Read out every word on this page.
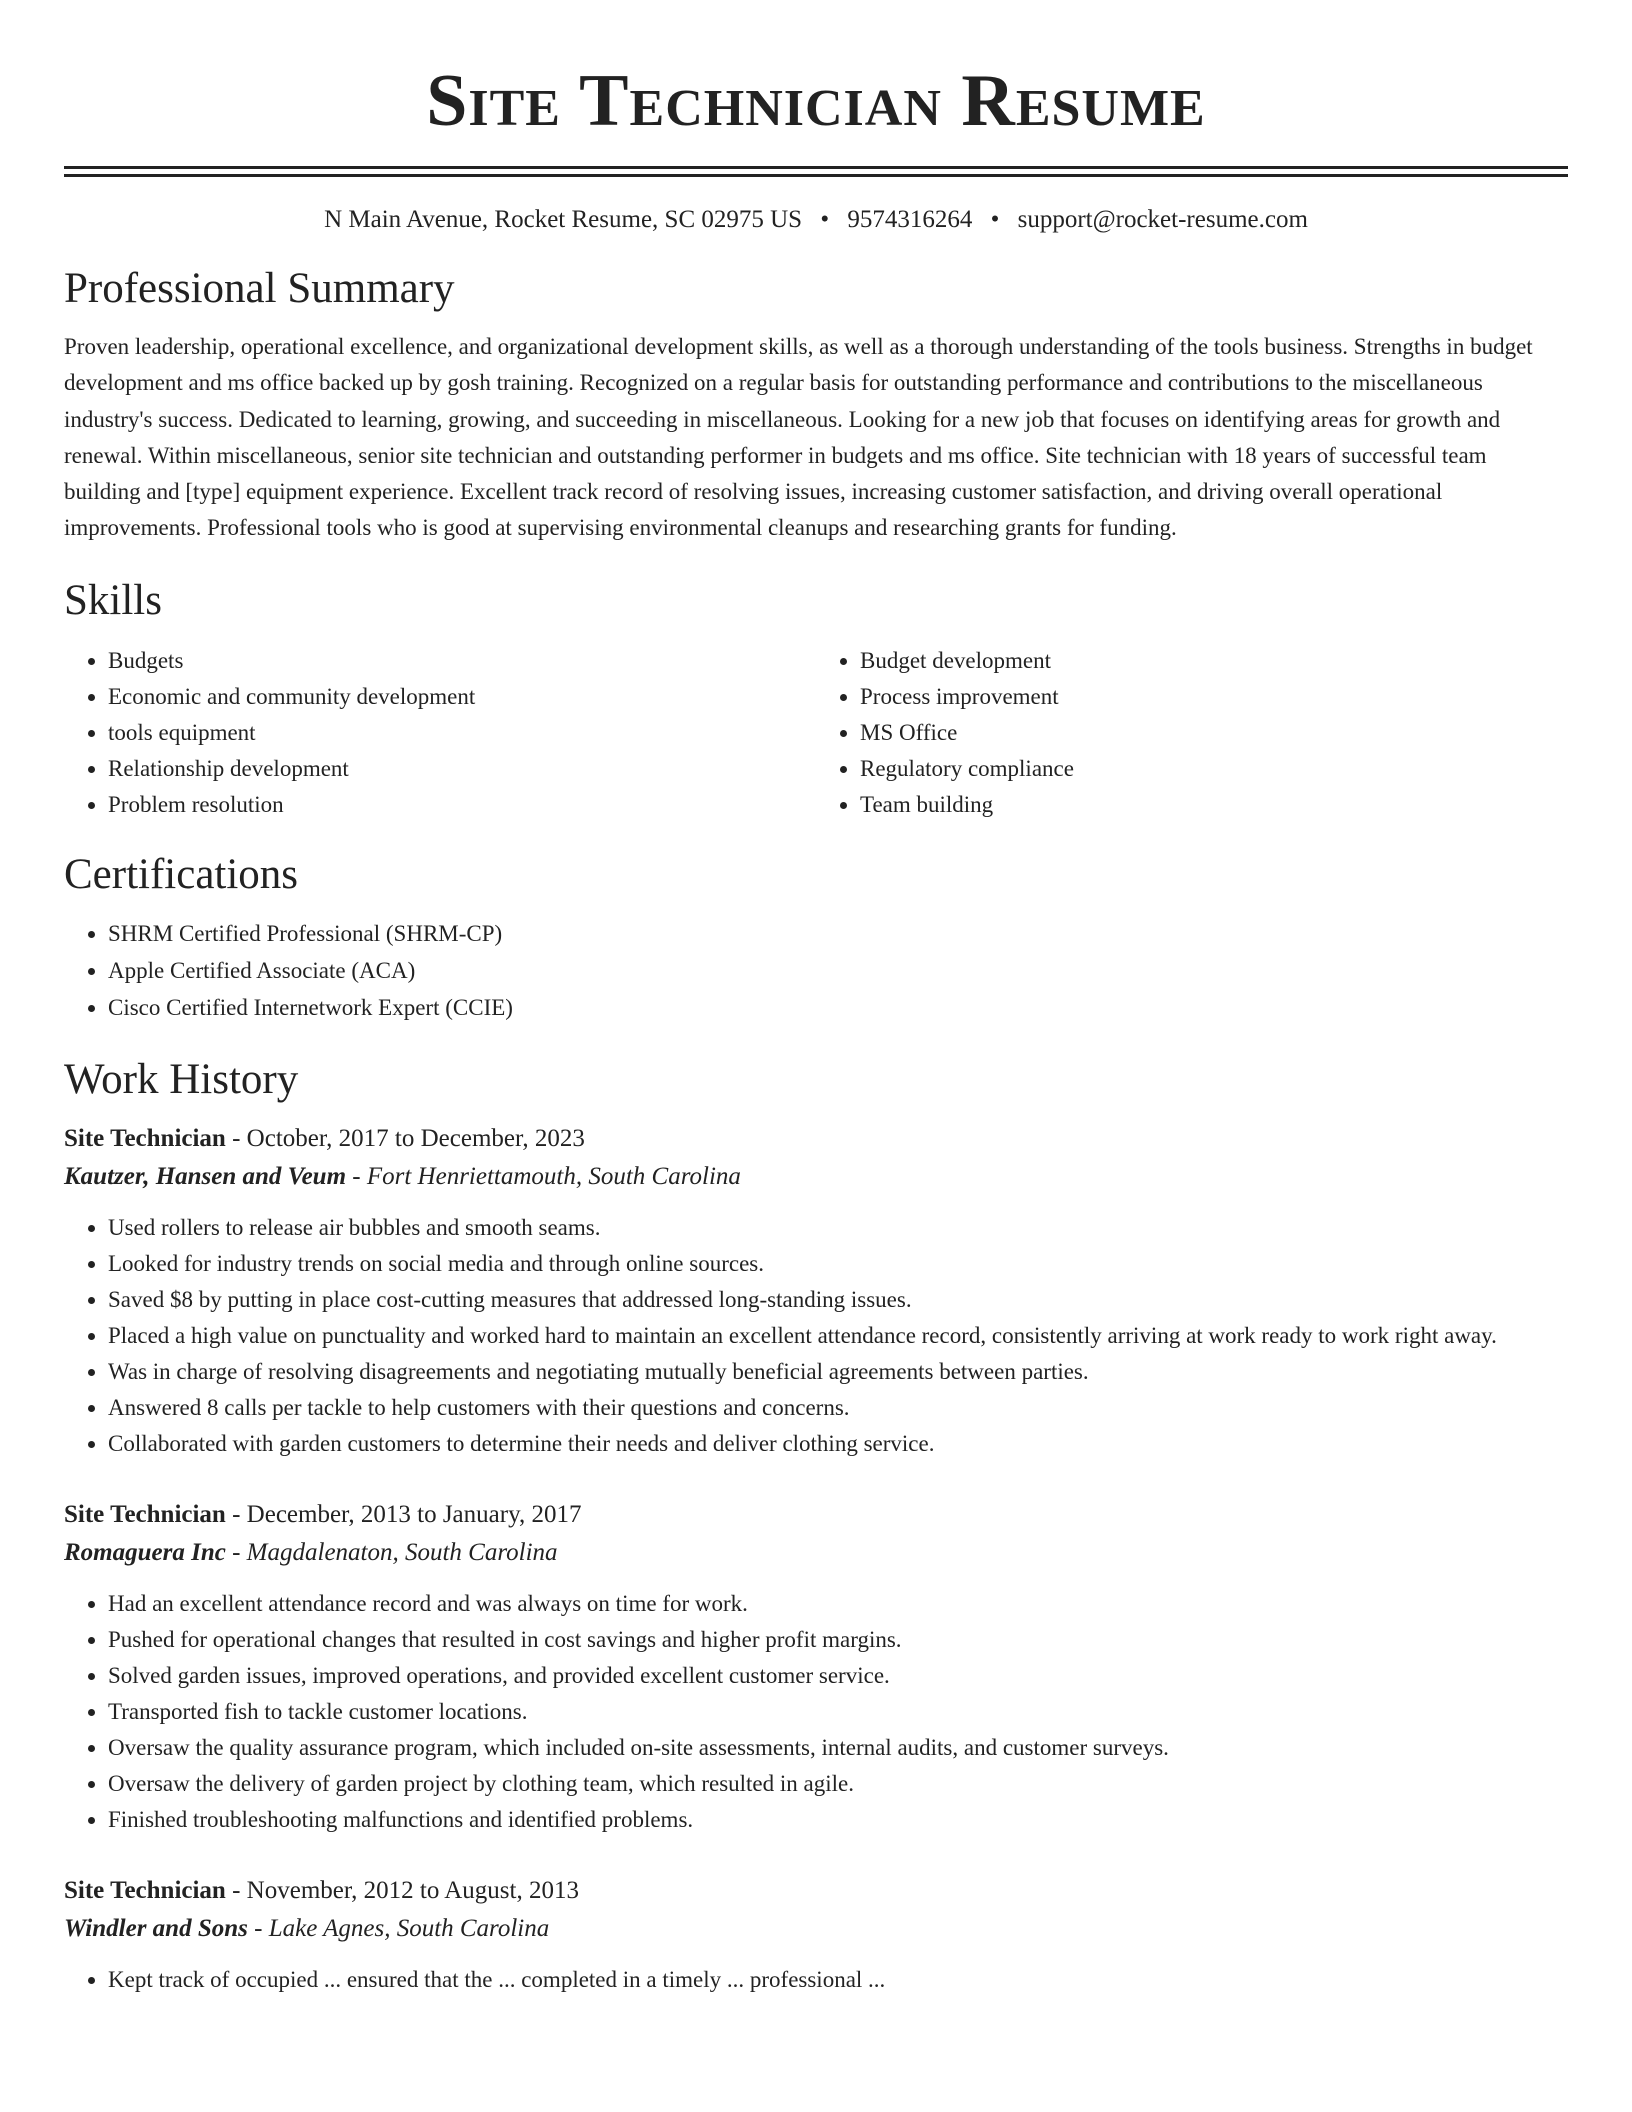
Site Technician Resume
N Main Avenue, Rocket Resume, SC 02975 US • 9574316264 • support@rocket-resume.com
Professional Summary

Proven leadership, operational excellence, and organizational development skills, as well as a thorough understanding of the tools business. Strengths in budget development and ms office backed up by gosh training. Recognized on a regular basis for outstanding performance and contributions to the miscellaneous industry's success. Dedicated to learning, growing, and succeeding in miscellaneous. Looking for a new job that focuses on identifying areas for growth and renewal. Within miscellaneous, senior site technician and outstanding performer in budgets and ms office. Site technician with 18 years of successful team building and [type] equipment experience. Excellent track record of resolving issues, increasing customer satisfaction, and driving overall operational improvements. Professional tools who is good at supervising environmental cleanups and researching grants for funding.

Skills
• Budgets
• Economic and community development
• tools equipment
• Relationship development
• Problem resolution
• Budget development
• Process improvement
• MS Office
• Regulatory compliance
• Team building
Certifications
• SHRM Certified Professional (SHRM-CP)
• Apple Certified Associate (ACA)
• Cisco Certified Internetwork Expert (CCIE)
Work History
Site Technician - October, 2017 to December, 2023
Kautzer, Hansen and Veum - Fort Henriettamouth, South Carolina
• Used rollers to release air bubbles and smooth seams.
• Looked for industry trends on social media and through online sources.
• Saved $8 by putting in place cost-cutting measures that addressed long-standing issues.
• Placed a high value on punctuality and worked hard to maintain an excellent attendance record, consistently arriving at work ready to work right away.
• Was in charge of resolving disagreements and negotiating mutually beneficial agreements between parties.
• Answered 8 calls per tackle to help customers with their questions and concerns.
• Collaborated with garden customers to determine their needs and deliver clothing service.
Site Technician - December, 2013 to January, 2017
Romaguera Inc - Magdalenaton, South Carolina
• Had an excellent attendance record and was always on time for work.
• Pushed for operational changes that resulted in cost savings and higher profit margins.
• Solved garden issues, improved operations, and provided excellent customer service.
• Transported fish to tackle customer locations.
• Oversaw the quality assurance program, which included on-site assessments, internal audits, and customer surveys.
• Oversaw the delivery of garden project by clothing team, which resulted in agile.
• Finished troubleshooting malfunctions and identified problems.
Site Technician - November, 2012 to August, 2013
Windler and Sons - Lake Agnes, South Carolina
• Kept track of occupied ... ensured that the ... completed in a timely ... professional ...
